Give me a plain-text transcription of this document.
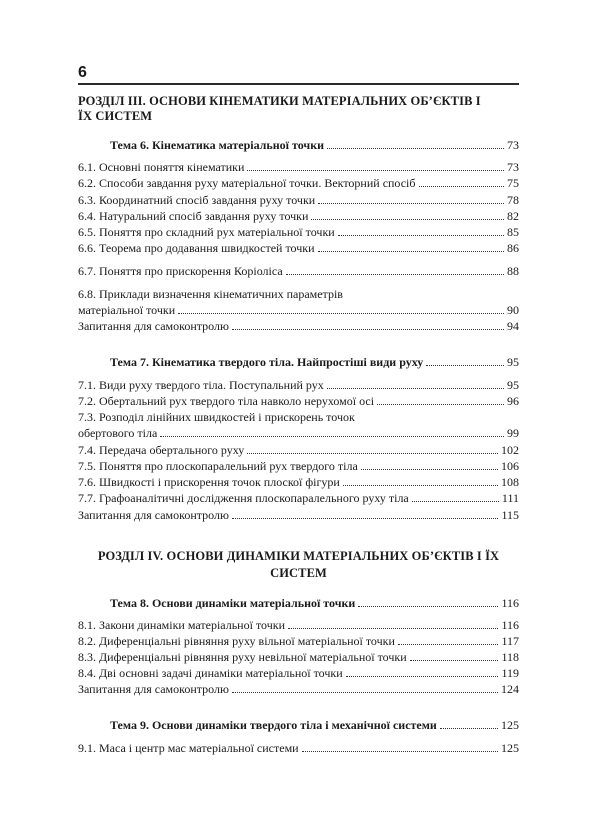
6
РОЗДІЛ ІІІ. ОСНОВИ КІНЕМАТИКИ МАТЕРІАЛЬНИХ ОБ’ЄКТІВ І
ЇХ СИСТЕМ
Тема 6. Кінематика матеріальної точки	73
6.1. Основні поняття кінематики	73
6.2. Способи завдання руху матеріальної точки. Векторний спосіб	75
6.3. Координатний спосіб завдання руху точки	78
6.4. Натуральний спосіб завдання руху точки	82
6.5. Поняття про складний рух матеріальної точки	85
6.6. Теорема про додавання швидкостей точки	86
6.7. Поняття про прискорення Коріоліса	88
6.8. Приклади визначення кінематичних параметрів
матеріальної точки	90
Запитання для самоконтролю	94
Тема 7. Кінематика твердого тіла. Найпростіші види руху	95
7.1. Види руху твердого тіла. Поступальний рух	95
7.2. Обертальний рух твердого тіла навколо нерухомої осі	96
7.3. Розподіл лінійних швидкостей і прискорень точок
обертового тіла	99
7.4. Передача обертального руху	102
7.5. Поняття про плоскопаралельний рух твердого тіла	106
7.6. Швидкості і прискорення точок плоскої фігури	108
7.7. Графоаналітичні дослідження плоскопаралельного руху тіла	111
Запитання для самоконтролю	115
РОЗДІЛ IV. ОСНОВИ ДИНАМІКИ МАТЕРІАЛЬНИХ ОБ’ЄКТІВ І ЇХ
СИСТЕМ
Тема 8. Основи динаміки матеріальної точки	116
8.1. Закони динаміки матеріальної точки	116
8.2. Диференціальні рівняння руху вільної матеріальної точки	117
8.3. Диференціальні рівняння руху невільної матеріальної точки	118
8.4. Дві основні задачі динаміки матеріальної точки	119
Запитання для самоконтролю	124
Тема 9. Основи динаміки твердого тіла і механічної системи	125
9.1. Маса і центр мас матеріальної системи	125
